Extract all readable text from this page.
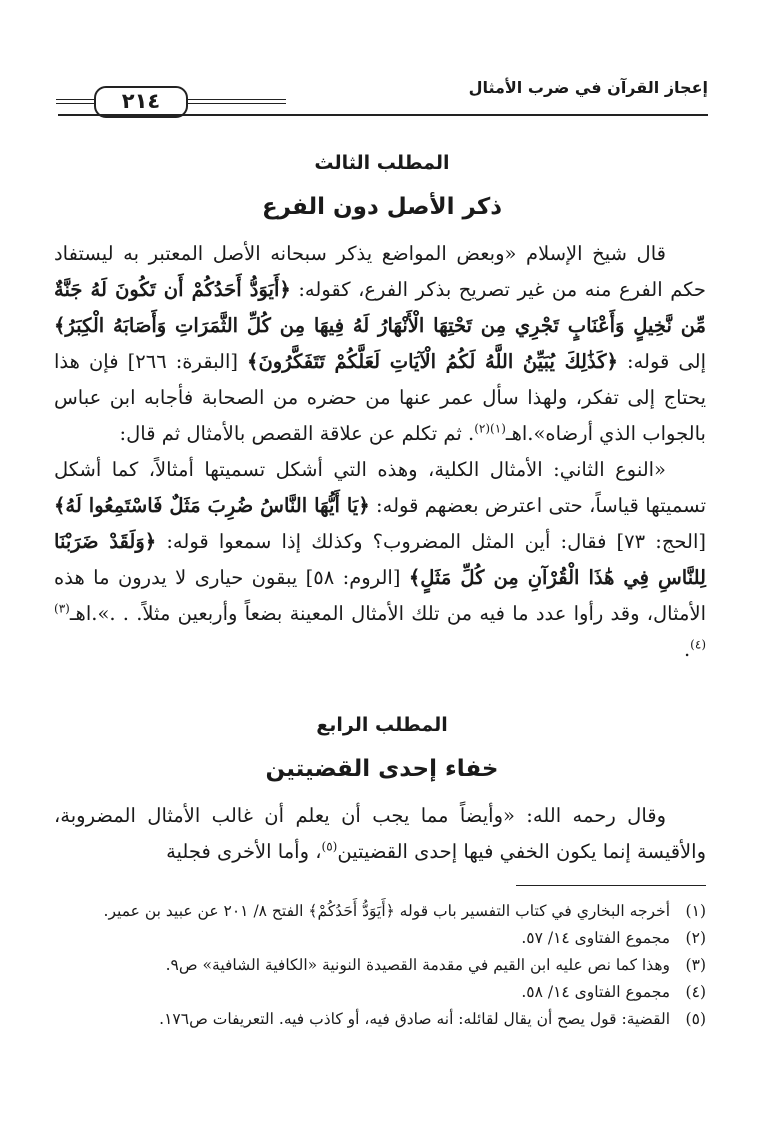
إعجاز القرآن في ضرب الأمثال
٢١٤
المطلب الثالث
ذكر الأصل دون الفرع

قال شيخ الإسلام «وبعض المواضع يذكر سبحانه الأصل المعتبر به ليستفاد حكم الفرع منه من غير تصريح بذكر الفرع، كقوله: ﴿أَيَوَدُّ أَحَدُكُمْ أَن تَكُونَ لَهُ جَنَّةٌ مِّن نَّخِيلٍ وَأَعْنَابٍ تَجْرِي مِن تَحْتِهَا الْأَنْهَارُ لَهُ فِيهَا مِن كُلِّ الثَّمَرَاتِ وَأَصَابَهُ الْكِبَرُ﴾ إلى قوله: ﴿كَذَٰلِكَ يُبَيِّنُ اللَّهُ لَكُمُ الْآيَاتِ لَعَلَّكُمْ تَتَفَكَّرُونَ﴾ [البقرة: ٢٦٦] فإن هذا يحتاج إلى تفكر، ولهذا سأل عمر عنها من حضره من الصحابة فأجابه ابن عباس بالجواب الذي أرضاه».اهـ$^{(١)(٢)}$. ثم تكلم عن علاقة القصص بالأمثال ثم قال:

«النوع الثاني: الأمثال الكلية، وهذه التي أشكل تسميتها أمثالاً، كما أشكل تسميتها قياساً، حتى اعترض بعضهم قوله: ﴿يَا أَيُّهَا النَّاسُ ضُرِبَ مَثَلٌ فَاسْتَمِعُوا لَهُ﴾ [الحج: ٧٣] فقال: أين المثل المضروب؟ وكذلك إذا سمعوا قوله: ﴿وَلَقَدْ ضَرَبْنَا لِلنَّاسِ فِي هَٰذَا الْقُرْآنِ مِن كُلِّ مَثَلٍ﴾ [الروم: ٥٨] يبقون حيارى لا يدرون ما هذه الأمثال، وقد رأوا عدد ما فيه من تلك الأمثال المعينة بضعاً وأربعين مثلاً. . .».اهـ$^{(٣)(٤)}$.

المطلب الرابع
خفاء إحدى القضيتين

وقال رحمه الله: «وأيضاً مما يجب أن يعلم أن غالب الأمثال المضروبة، والأقيسة إنما يكون الخفي فيها إحدى القضيتين$^{(٥)}$، وأما الأخرى فجلية

(١)
أخرجه البخاري في كتاب التفسير باب قوله ﴿أَيَوَدُّ أَحَدُكُمْ﴾ الفتح ٨/ ٢٠١ عن عبيد بن عمير.
(٢)
مجموع الفتاوى ١٤/ ٥٧.
(٣)
وهذا كما نص عليه ابن القيم في مقدمة القصيدة النونية «الكافية الشافية» ص٩.
(٤)
مجموع الفتاوى ١٤/ ٥٨.
(٥)
القضية: قول يصح أن يقال لقائله: أنه صادق فيه، أو كاذب فيه. التعريفات ص١٧٦.
